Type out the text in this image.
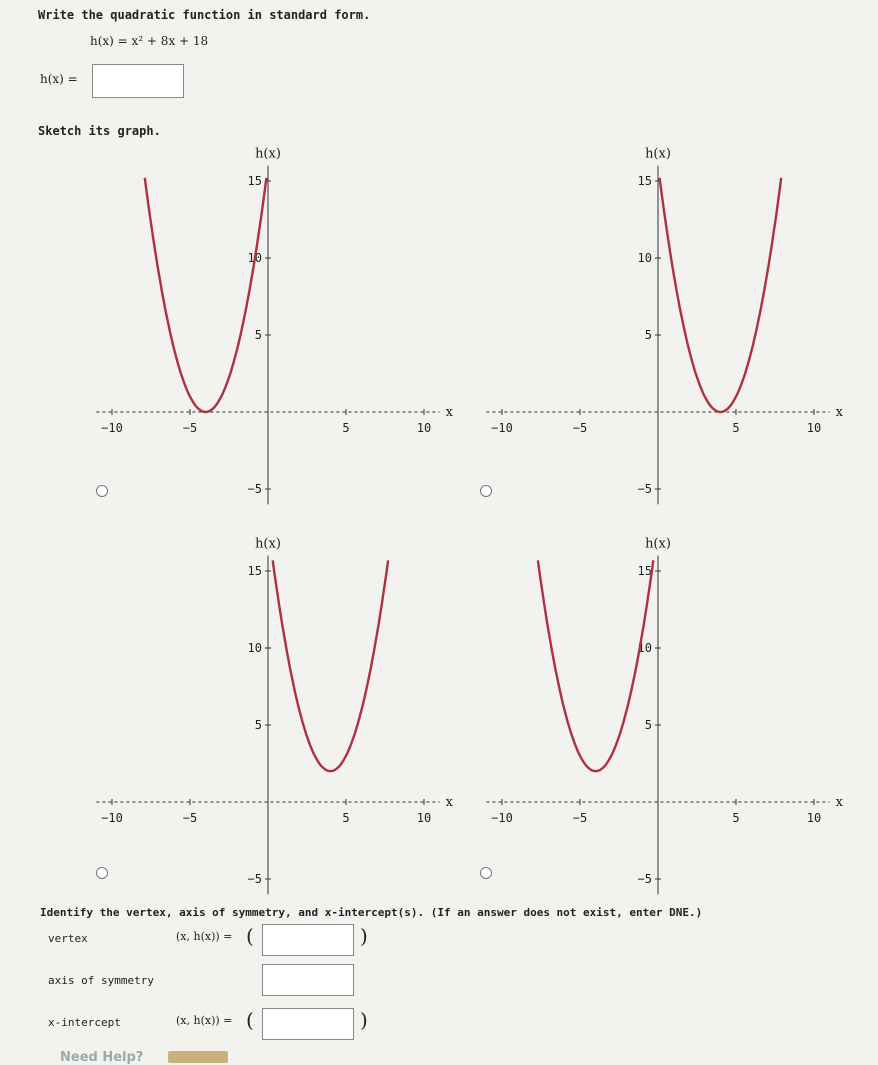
Write the quadratic function in standard form.
h(x) = x² + 8x + 18
h(x) =
Sketch its graph.
−10	−5	5	10
−5
5
10
15
h(x)
x
−10	−5	5	10
−5
5
10
15
h(x)
x
−10	−5	5	10
−5
5
10
15
h(x)
x
−10	−5	5	10
−5
5
10
15
h(x)
x
Identify the vertex, axis of symmetry, and x-intercept(s). (If an answer does not exist, enter DNE.)
vertex	(x, h(x)) = (	)
axis of symmetry
x-intercept	(x, h(x)) = (	)
Need Help?
